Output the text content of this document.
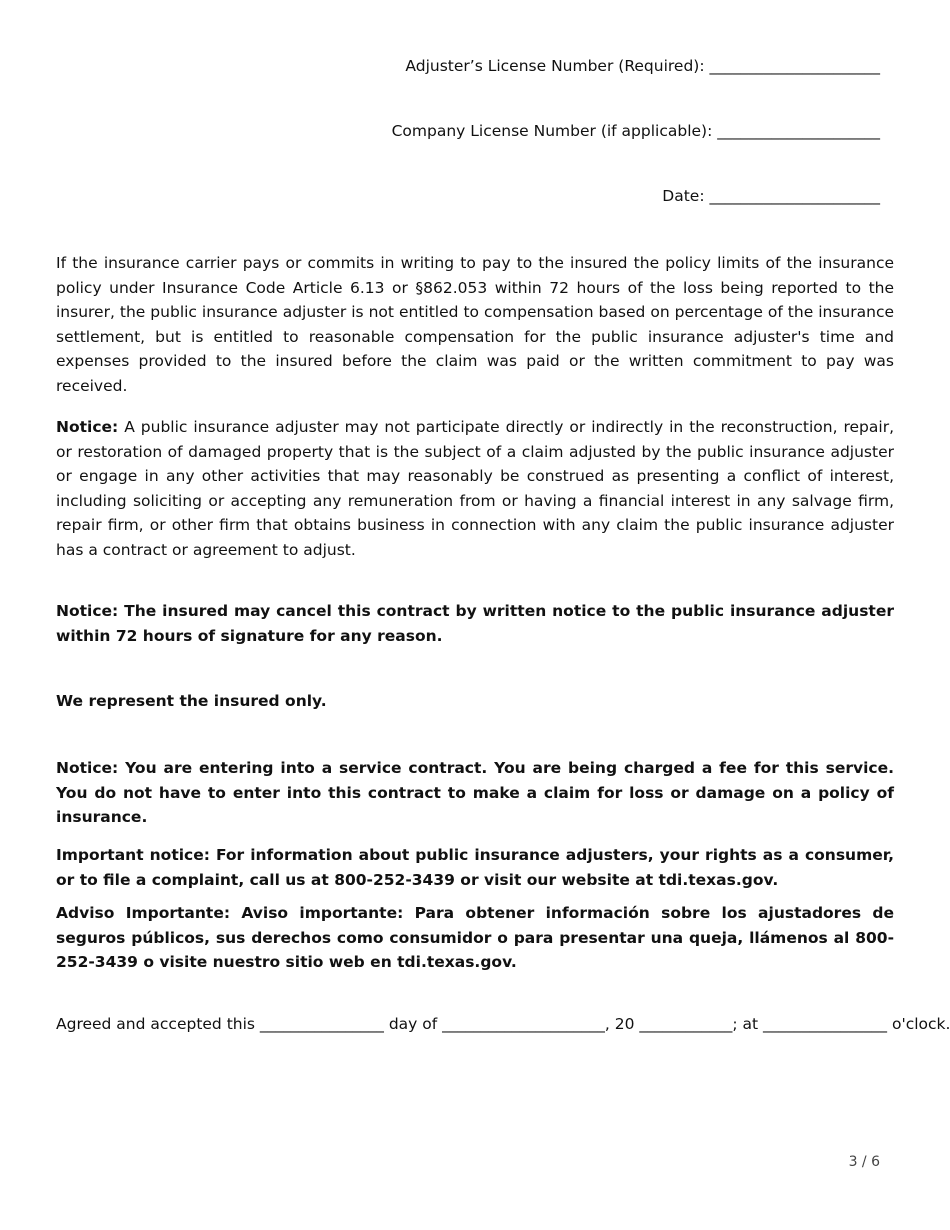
Adjuster’s License Number (Required): ______________________
Company License Number (if applicable): _____________________
Date: ______________________

If the insurance carrier pays or commits in writing to pay to the insured the policy limits of the insurance policy under Insurance Code Article 6.13 or §862.053 within 72 hours of the loss being reported to the insurer, the public insurance adjuster is not entitled to compensation based on percentage of the insurance settlement, but is entitled to reasonable compensation for the public insurance adjuster's time and expenses provided to the insured before the claim was paid or the written commitment to pay was received.

Notice: A public insurance adjuster may not participate directly or indirectly in the reconstruction, repair, or restoration of damaged property that is the subject of a claim adjusted by the public insurance adjuster or engage in any other activities that may reasonably be construed as presenting a conflict of interest, including soliciting or accepting any remuneration from or having a financial interest in any salvage firm, repair firm, or other firm that obtains business in connection with any claim the public insurance adjuster has a contract or agreement to adjust.

Notice: The insured may cancel this contract by written notice to the public insurance adjuster within 72 hours of signature for any reason.

We represent the insured only.

Notice: You are entering into a service contract. You are being charged a fee for this service. You do not have to enter into this contract to make a claim for loss or damage on a policy of insurance.

Important notice: For information about public insurance adjusters, your rights as a consumer, or to file a complaint, call us at 800-252-3439 or visit our website at tdi.texas.gov.

Adviso Importante: Aviso importante: Para obtener información sobre los ajustadores de seguros públicos, sus derechos como consumidor o para presentar una queja, llámenos al 800-252-3439 o visite nuestro sitio web en tdi.texas.gov.

Agreed and accepted this ________________ day of _____________________, 20 ____________; at ________________ o'clock.
3 / 6
